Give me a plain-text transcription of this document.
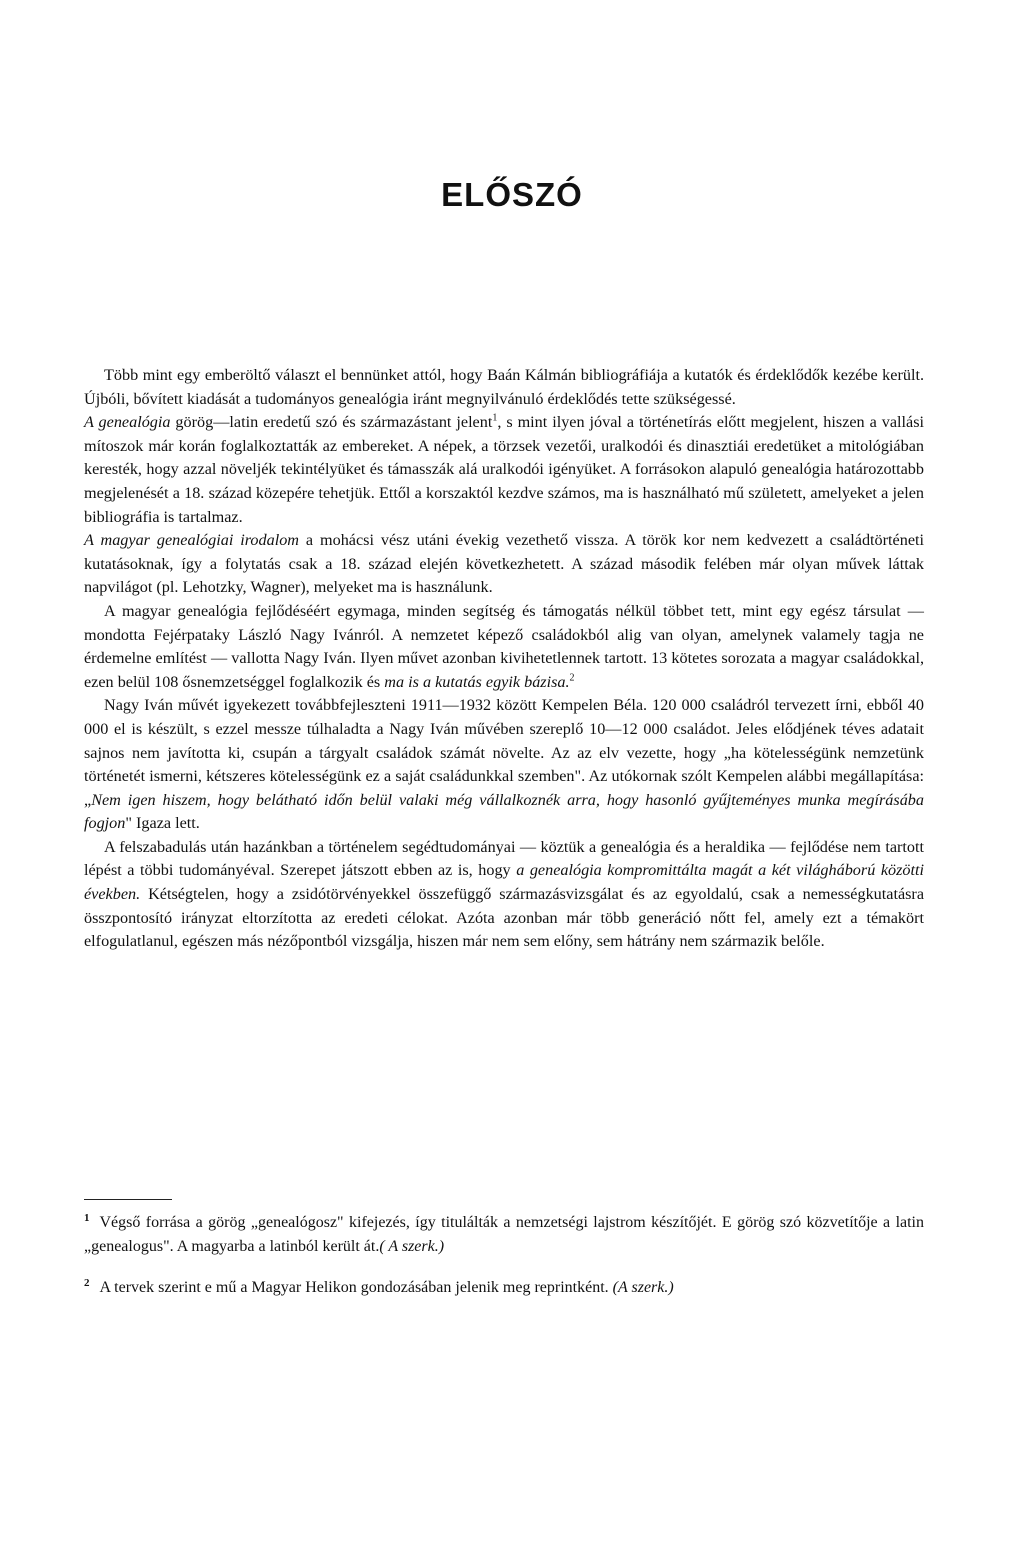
ELŐSZÓ

Több mint egy emberöltő választ el bennünket attól, hogy Baán Kálmán bibliográfiája a kutatók és érdeklődők kezébe került. Újbóli, bővített kiadását a tudományos genealógia iránt megnyilvánuló érdeklődés tette szükségessé.

A genealógia görög—latin eredetű szó és származástant jelent$^1$, s mint ilyen jóval a történetírás előtt megjelent, hiszen a vallási mítoszok már korán foglalkoztatták az embereket. A népek, a törzsek vezetői, uralkodói és dinasztiái eredetüket a mitológiában keresték, hogy azzal növeljék tekintélyüket és támasszák alá uralkodói igényüket. A forrásokon alapuló genealógia határozottabb megjelenését a 18. század közepére tehetjük. Ettől a korszaktól kezdve számos, ma is használható mű született, amelyeket a jelen bibliográfia is tartalmaz.

A magyar genealógiai irodalom a mohácsi vész utáni évekig vezethető vissza. A török kor nem kedvezett a családtörténeti kutatásoknak, így a folytatás csak a 18. század elején következhetett. A század második felében már olyan művek láttak napvilágot (pl. Lehotzky, Wagner), melyeket ma is használunk.

A magyar genealógia fejlődéséért egymaga, minden segítség és támogatás nélkül többet tett, mint egy egész társulat — mondotta Fejérpataky László Nagy Ivánról. A nemzetet képező családokból alig van olyan, amelynek valamely tagja ne érdemelne említést — vallotta Nagy Iván. Ilyen művet azonban kivihetetlennek tartott. 13 kötetes sorozata a magyar családokkal, ezen belül 108 ősnemzetséggel foglalkozik és ma is a kutatás egyik bázisa.$^2$

Nagy Iván művét igyekezett továbbfejleszteni 1911—1932 között Kempelen Béla. 120 000 családról tervezett írni, ebből 40 000 el is készült, s ezzel messze túlhaladta a Nagy Iván művében szereplő 10—12 000 családot. Jeles elődjének téves adatait sajnos nem javította ki, csupán a tárgyalt családok számát növelte. Az az elv vezette, hogy „ha kötelességünk nemzetünk történetét ismerni, kétszeres kötelességünk ez a saját családunkkal szemben". Az utókornak szólt Kempelen alábbi megállapítása: „Nem igen hiszem, hogy belátható időn belül valaki még vállalkoznék arra, hogy hasonló gyűjteményes munka megírásába fogjon" Igaza lett.

A felszabadulás után hazánkban a történelem segédtudományai — köztük a genealógia és a heraldika — fejlődése nem tartott lépést a többi tudományéval. Szerepet játszott ebben az is, hogy a genealógia kompromittálta magát a két világháború közötti években. Kétségtelen, hogy a zsidótörvényekkel összefüggő származásvizsgálat és az egyoldalú, csak a nemességkutatásra összpontosító irányzat eltorzította az eredeti célokat. Azóta azonban már több generáció nőtt fel, amely ezt a témakört elfogulatlanul, egészen más nézőpontból vizsgálja, hiszen már nem sem előny, sem hátrány nem származik belőle.

$^1$ Végső forrása a görög „genealógosz" kifejezés, így titulálták a nemzetségi lajstrom készítőjét. E görög szó közvetítője a latin „genealogus". A magyarba a latinból került át.( A szerk.)

$^2$ A tervek szerint e mű a Magyar Helikon gondozásában jelenik meg reprintként. (A szerk.)
